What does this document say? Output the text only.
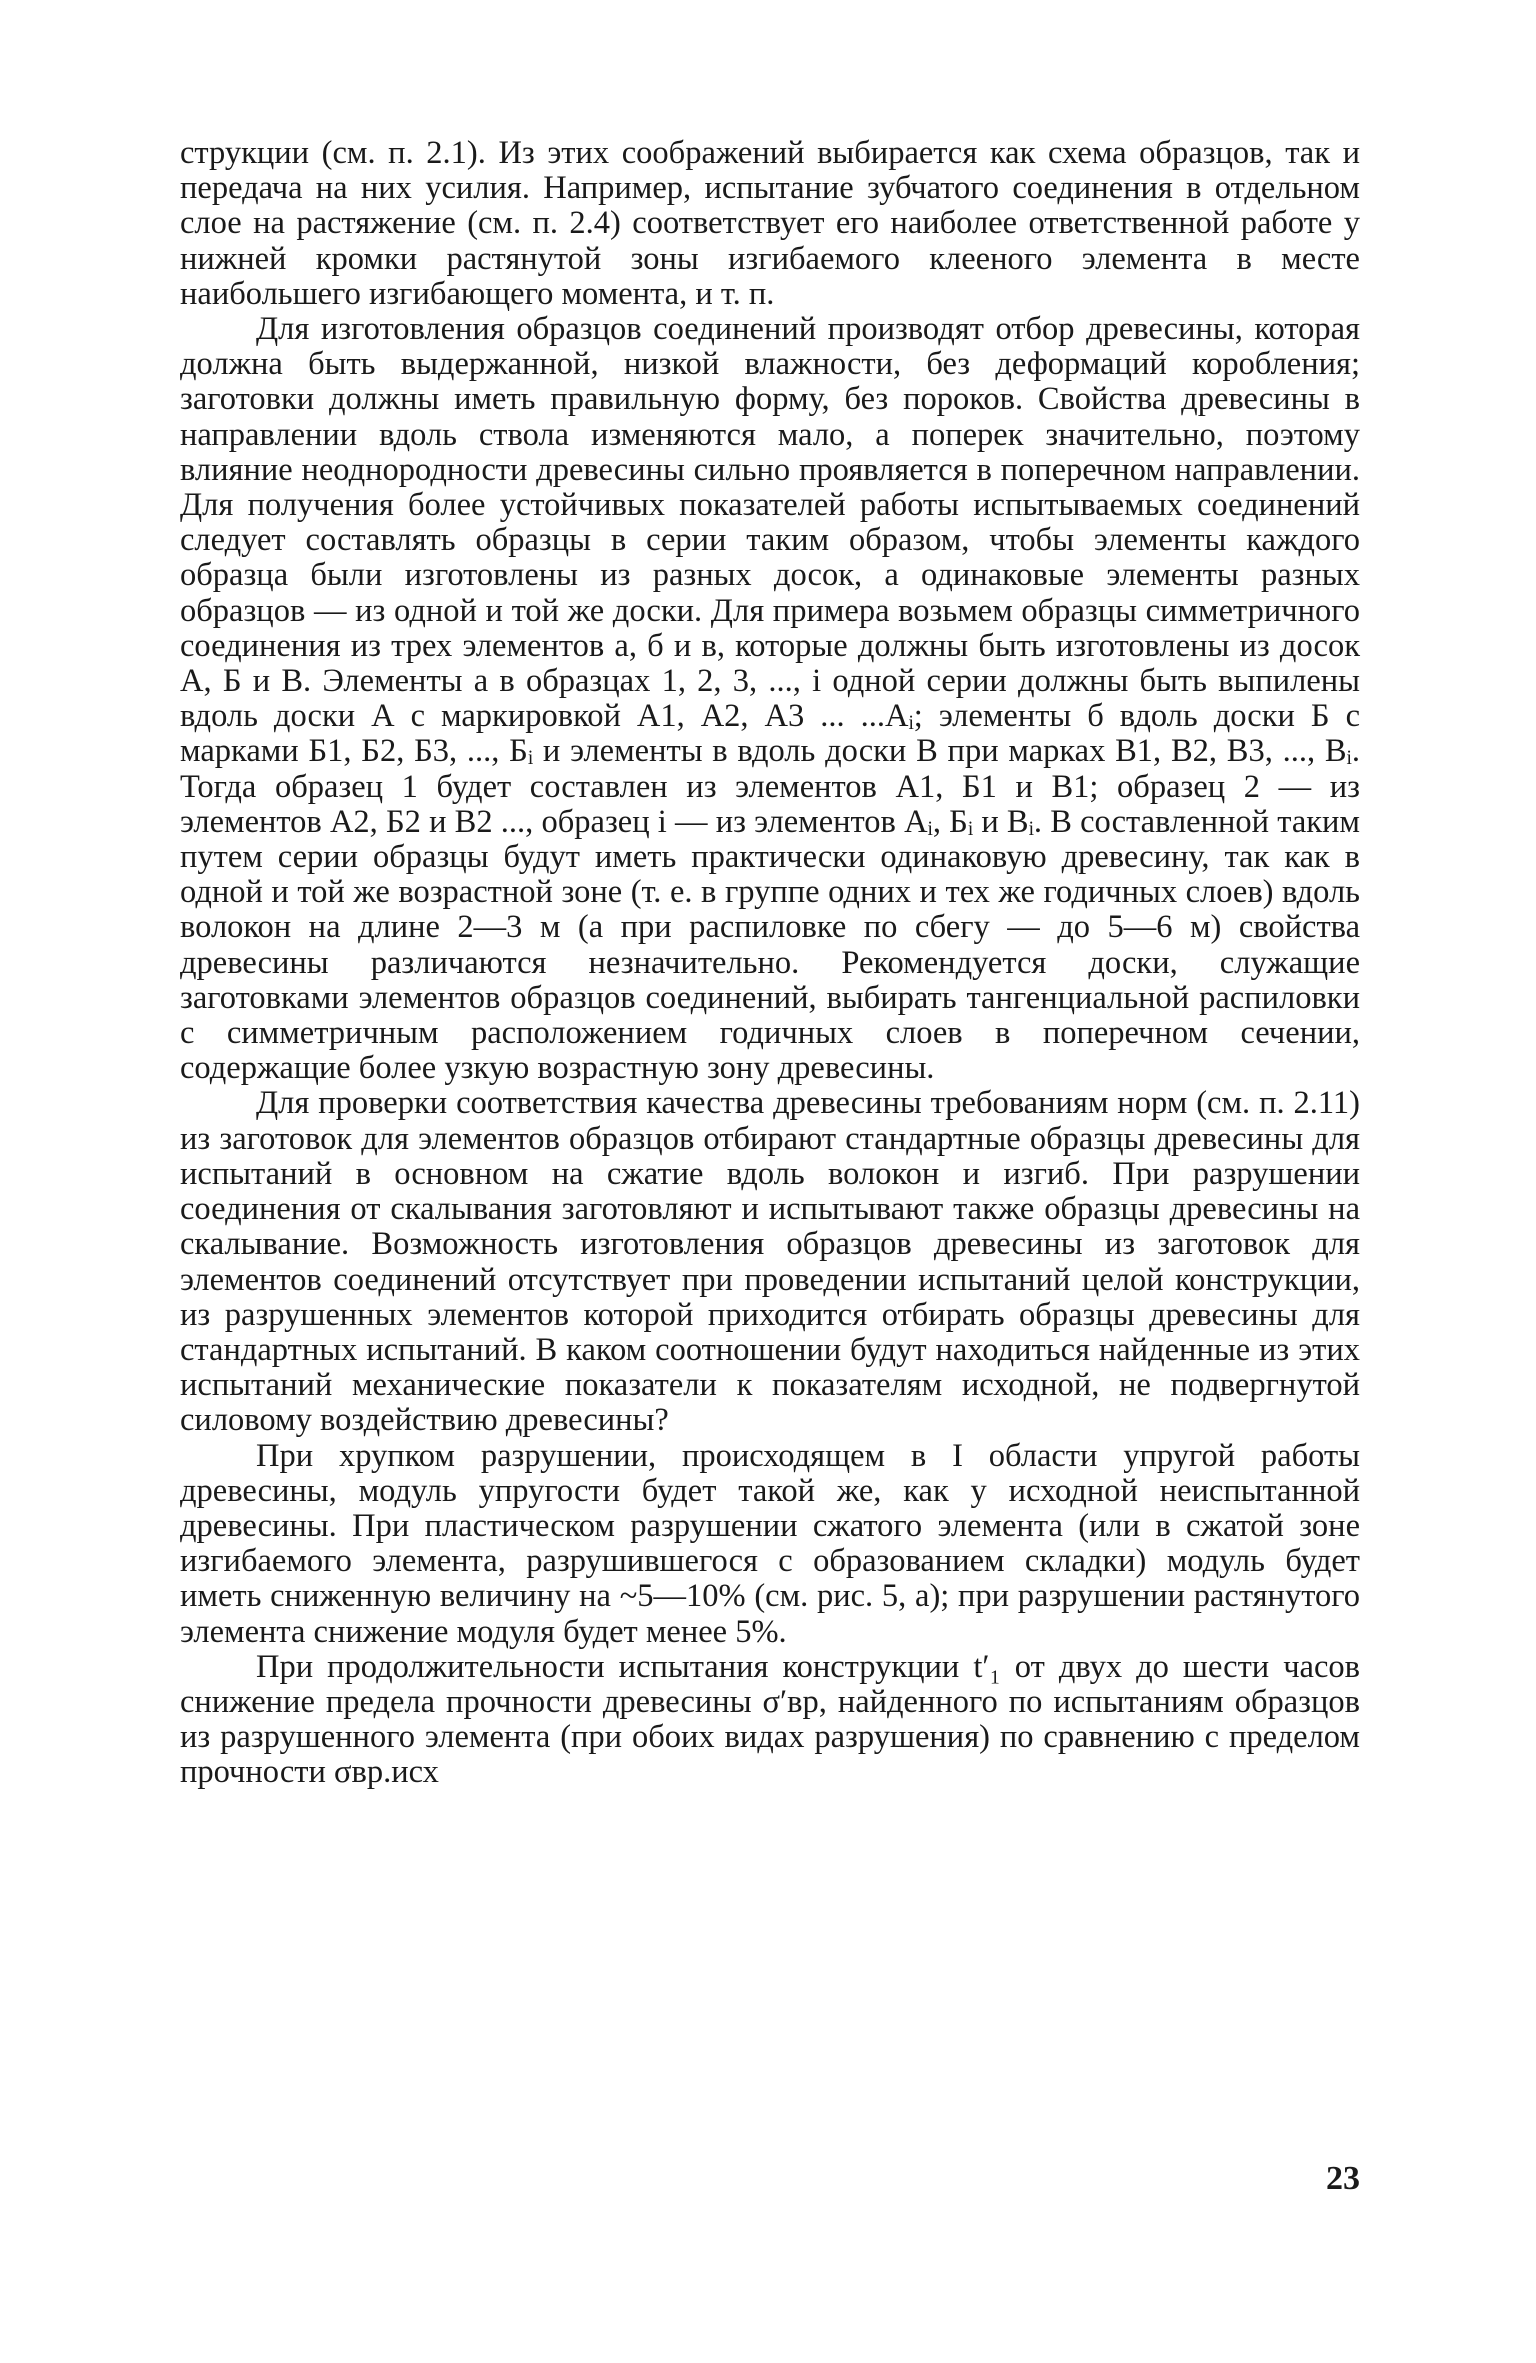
струкции (см. п. 2.1). Из этих соображений выбирается как схема образцов, так и передача на них усилия. Например, испытание зубчатого соединения в отдельном слое на растяжение (см. п. 2.4) соответствует его наиболее ответственной работе у нижней кромки растянутой зоны изгибаемого клееного элемента в месте наибольшего изгибающего момента, и т. п.

Для изготовления образцов соединений производят отбор древесины, которая должна быть выдержанной, низкой влажности, без деформаций коробления; заготовки должны иметь правильную форму, без пороков. Свойства древесины в направлении вдоль ствола изменяются мало, а поперек значительно, поэтому влияние неоднородности древесины сильно проявляется в поперечном направлении. Для получения более устойчивых показателей работы испытываемых соединений следует составлять образцы в серии таким образом, чтобы элементы каждого образца были изготовлены из разных досок, а одинаковые элементы разных образцов — из одной и той же доски. Для примера возьмем образцы симметричного соединения из трех элементов а, б и в, которые должны быть изготовлены из досок А, Б и В. Элементы а в образцах 1, 2, 3, ..., i одной серии должны быть выпилены вдоль доски А с маркировкой А1, А2, А3 ... ...Аᵢ; элементы б вдоль доски Б с марками Б1, Б2, Б3, ..., Бᵢ и элементы в вдоль доски В при марках В1, В2, В3, ..., Вᵢ. Тогда образец 1 будет составлен из элементов А1, Б1 и В1; образец 2 — из элементов А2, Б2 и В2 ..., образец i — из элементов Аᵢ, Бᵢ и Вᵢ. В составленной таким путем серии образцы будут иметь практически одинаковую древесину, так как в одной и той же возрастной зоне (т. е. в группе одних и тех же годичных слоев) вдоль волокон на длине 2—3 м (а при распиловке по сбегу — до 5—6 м) свойства древесины различаются незначительно. Рекомендуется доски, служащие заготовками элементов образцов соединений, выбирать тангенциальной распиловки с симметричным расположением годичных слоев в поперечном сечении, содержащие более узкую возрастную зону древесины.

Для проверки соответствия качества древесины требованиям норм (см. п. 2.11) из заготовок для элементов образцов отбирают стандартные образцы древесины для испытаний в основном на сжатие вдоль волокон и изгиб. При разрушении соединения от скалывания заготовляют и испытывают также образцы древесины на скалывание. Возможность изготовления образцов древесины из заготовок для элементов соединений отсутствует при проведении испытаний целой конструкции, из разрушенных элементов которой приходится отбирать образцы древесины для стандартных испытаний. В каком соотношении будут находиться найденные из этих испытаний механические показатели к показателям исходной, не подвергнутой силовому воздействию древесины?

При хрупком разрушении, происходящем в I области упругой работы древесины, модуль упругости будет такой же, как у исходной неиспытанной древесины. При пластическом разрушении сжатого элемента (или в сжатой зоне изгибаемого элемента, разрушившегося с образованием складки) модуль будет иметь сниженную величину на ~5—10% (см. рис. 5, а); при разрушении растянутого элемента снижение модуля будет менее 5%.

При продолжительности испытания конструкции t′₁ от двух до шести часов снижение предела прочности древесины σ′вр, найденного по испытаниям образцов из разрушенного элемента (при обоих видах разрушения) по сравнению с пределом прочности σвр.исх

23
